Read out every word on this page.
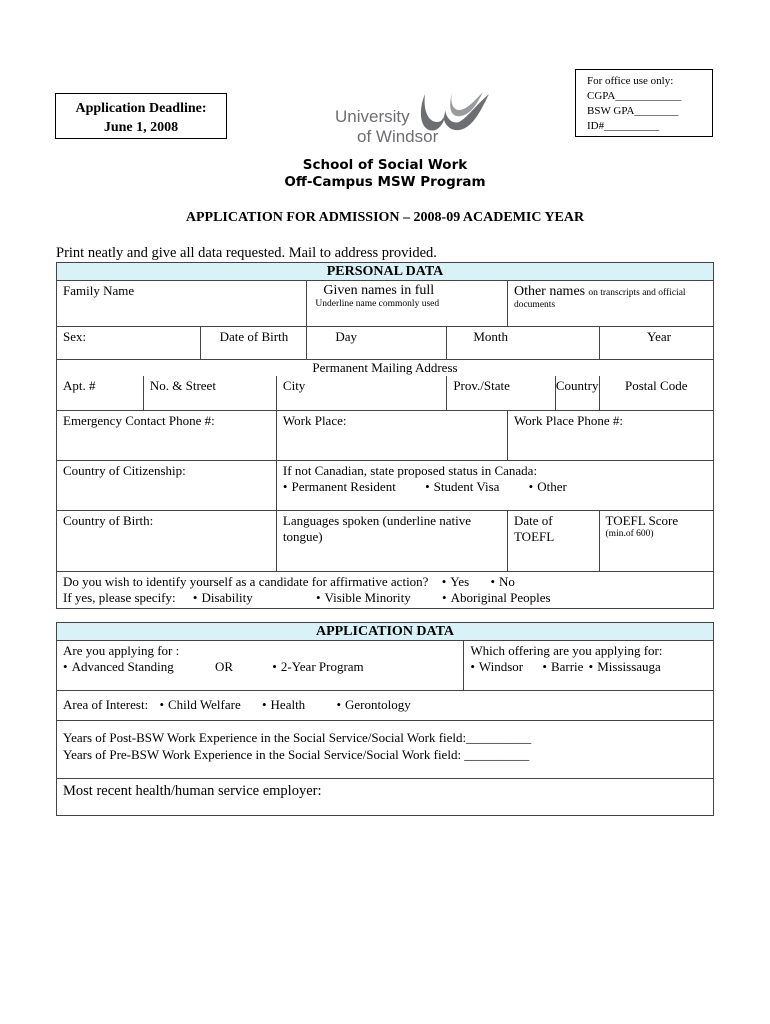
Application Deadline:
June 1, 2008
University
of Windsor
For office use only:
CGPA____________
BSW GPA________
ID#__________
School of Social Work
Off-Campus MSW Program
APPLICATION FOR ADMISSION – 2008-09 ACADEMIC YEAR
Print neatly and give all data requested. Mail to address provided.
PERSONAL DATA								
Family Name				Given names in full
Underline name commonly used		Other names on transcripts and official
documents		

Sex:		Date of Birth		Day	Month			Year
Permanent Mailing Address								
Apt. #	No. & Street		City		Prov./State		Country	Postal Code
Emergency Contact Phone #:			Work Place:			Work Place Phone #:		
Country of Citizenship:			If not Canadian, state proposed status in Canada:
• Permanent Resident • Student Visa • Other
Country of Birth:			Languages spoken (underline native tongue)			Date of
TOEFL		TOEFL Score
(min.of 600)

Do you wish to identify yourself as a candidate for affirmative action? • Yes • No
If yes, please specify: • Disability • Visible Minority • Aboriginal Peoples
APPLICATION DATA

Are you applying for :
• Advanced Standing	OR	• 2-Year Program	
Which offering are you applying for:
• Windsor • Barrie • Mississauga
Area of Interest: • Child Welfare • Health	• Gerontology

Years of Post-BSW Work Experience in the Social Service/Social Work field:__________
Years of Pre-BSW Work Experience in the Social Service/Social Work field: __________

Most recent health/human service employer:
